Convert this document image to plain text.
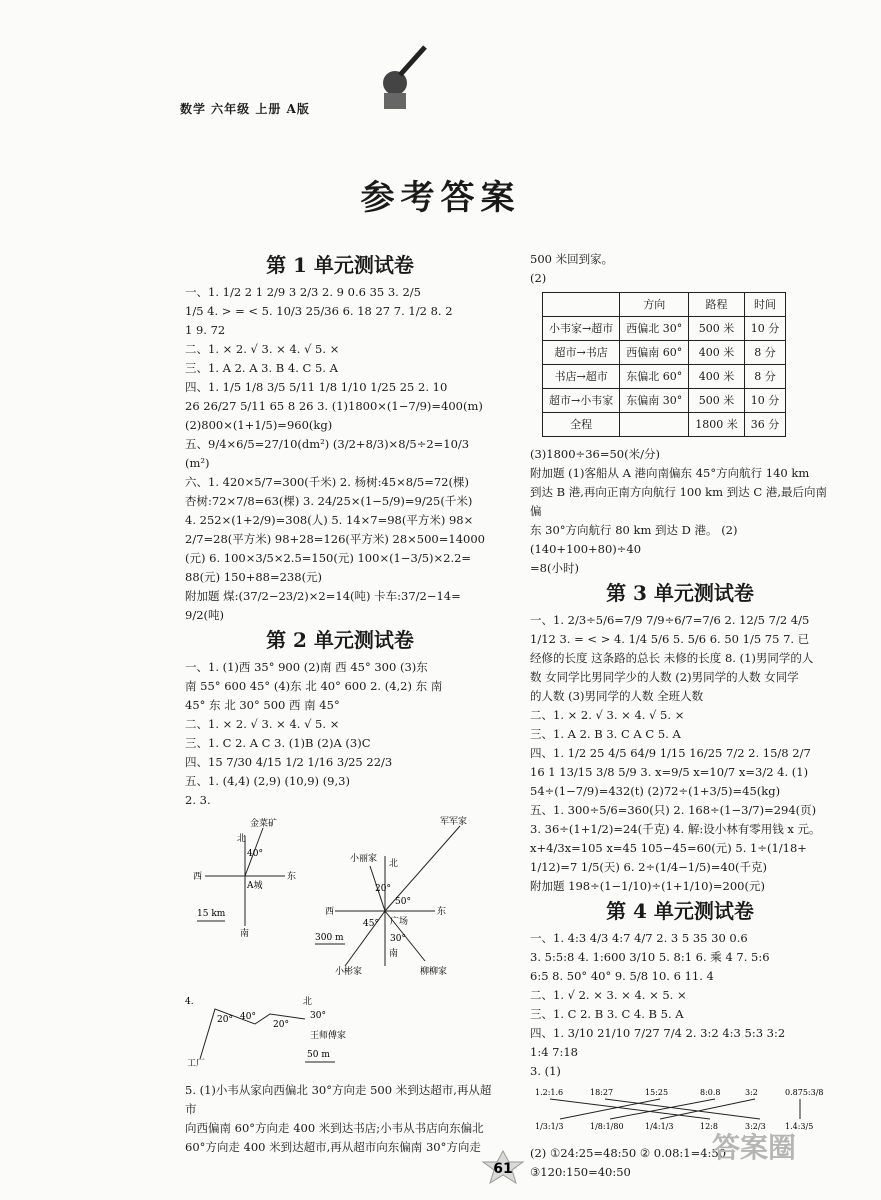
数学 六年级 上册 A版
参考答案
第 1 单元测试卷

一、1. 1/2 2 1 2/9 3 2/3 2. 9 0.6 35 3. 2/5

1/5 4. > = < 5. 10/3 25/36 6. 18 27 7. 1/2 8. 2

1 9. 72

二、1. × 2. √ 3. × 4. √ 5. ×

三、1. A 2. A 3. B 4. C 5. A

四、1. 1/5 1/8 3/5 5/11 1/8 1/10 1/25 25 2. 10

26 26/27 5/11 65 8 26 3. (1)1800×(1−7/9)=400(m)

(2)800×(1+1/5)=960(kg)

五、9/4×6/5=27/10(dm²) (3/2+8/3)×8/5÷2=10/3

(m²)

六、1. 420×5/7=300(千米) 2. 杨树:45×8/5=72(棵)

杏树:72×7/8=63(棵) 3. 24/25×(1−5/9)=9/25(千米)

4. 252×(1+2/9)=308(人) 5. 14×7=98(平方米) 98×

2/7=28(平方米) 98+28=126(平方米) 28×500=14000

(元) 6. 100×3/5×2.5=150(元) 100×(1−3/5)×2.2=

88(元) 150+88=238(元)

附加题 煤:(37/2−23/2)×2=14(吨) 卡车:37/2−14=

9/2(吨)

第 2 单元测试卷

一、1. (1)西 35° 900 (2)南 西 45° 300 (3)东

南 55° 600 45° (4)东 北 40° 600 2. (4,2) 东 南

45° 东 北 30° 500 西 南 45°

二、1. × 2. √ 3. × 4. √ 5. ×

三、1. C 2. A C 3. (1)B (2)A (3)C

四、15 7/30 4/15 1/2 1/16 3/25 22/3

五、1. (4,4) (2,9) (10,9) (9,3)

2. 3.

金菜矿
北
西	东
南
A城
40°
15 km
军军家
小丽家 北
西	东
南
广场
45°
50°
20°
30°
小彬家	柳柳家
300 m

4.
20° 40°
20°
30°
工厂
北
王师傅家
50 m

5. (1)小韦从家向西偏北 30°方向走 500 米到达超市,再从超市

向西偏南 60°方向走 400 米到达书店;小韦从书店向东偏北

60°方向走 400 米到达超市,再从超市向东偏南 30°方向走

500 米回到家。

(2)

	方向	路程	时间
小韦家→超市	西偏北 30°	500 米	10 分
超市→书店	西偏南 60°	400 米	8 分
书店→超市	东偏北 60°	400 米	8 分
超市→小韦家	东偏南 30°	500 米	10 分
全程		1800 米	36 分

(3)1800÷36=50(米/分)

附加题 (1)客船从 A 港向南偏东 45°方向航行 140 km

到达 B 港,再向正南方向航行 100 km 到达 C 港,最后向南偏

东 30°方向航行 80 km 到达 D 港。 (2)(140+100+80)÷40

=8(小时)

第 3 单元测试卷

一、1. 2/3÷5/6=7/9 7/9÷6/7=7/6 2. 12/5 7/2 4/5

1/12 3. = < > 4. 1/4 5/6 5. 5/6 6. 50 1/5 75 7. 已

经修的长度 这条路的总长 未修的长度 8. (1)男同学的人

数 女同学比男同学少的人数 (2)男同学的人数 女同学

的人数 (3)男同学的人数 全班人数

二、1. × 2. √ 3. × 4. √ 5. ×

三、1. A 2. B 3. C A C 5. A

四、1. 1/2 25 4/5 64/9 1/15 16/25 7/2 2. 15/8 2/7

16 1 13/15 3/8 5/9 3. x=9/5 x=10/7 x=3/2 4. (1)

54÷(1−7/9)=432(t) (2)72÷(1+3/5)=45(kg)

五、1. 300÷5/6=360(只) 2. 168÷(1−3/7)=294(页)

3. 36÷(1+1/2)=24(千克) 4. 解:设小林有零用钱 x 元。

x+4/3x=105 x=45 105−45=60(元) 5. 1÷(1/18+

1/12)=7 1/5(天) 6. 2÷(1/4−1/5)=40(千克)

附加题 198÷(1−1/10)÷(1+1/10)=200(元)

第 4 单元测试卷

一、1. 4:3 4/3 4:7 4/7 2. 3 5 35 30 0.6

3. 5:5:8 4. 1:600 3/10 5. 8:1 6. 乘 4 7. 5:6

6:5 8. 50° 40° 9. 5/8 10. 6 11. 4

二、1. √ 2. × 3. × 4. × 5. ×

三、1. C 2. B 3. C 4. B 5. A

四、1. 3/10 21/10 7/27 7/4 2. 3:2 4:3 5:3 3:2

1:4 7:18

3. (1)

1.2:1.6	18:27	15:25	8:0.8	3:2	0.875:3/8
1/3:1/3	1/8:1/80	1/4:1/3	12:8	3:2/3 1.4:3/5

(2) ①24:25=48:50 ② 0.08:1=4:50

③120:150=40:50

61
答案圈
